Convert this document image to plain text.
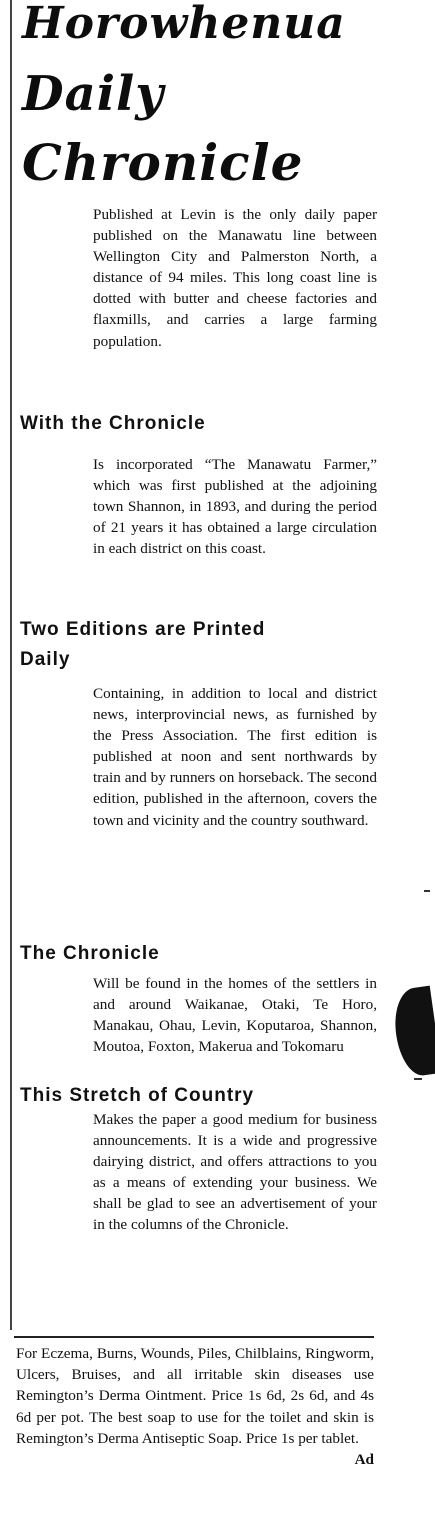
Horowhenua
Daily
Chronicle

Published at Levin is the only daily paper published on the Manawatu line between Wellington City and Palmerston North, a distance of 94 miles. This long coast line is dotted with butter and cheese factories and flaxmills, and carries a large farming population.

With the Chronicle

Is incorporated “The Manawatu Farmer,” which was first published at the adjoining town Shannon, in 1893, and during the period of 21 years it has obtained a large circulation in each district on this coast.

Two Editions are Printed
Daily

Containing, in addition to local and district news, interprovincial news, as furnished by the Press Association. The first edition is published at noon and sent northwards by train and by runners on horseback. The second edition, published in the afternoon, covers the town and vicinity and the country southward.

The Chronicle

Will be found in the homes of the settlers in and around Waikanae, Otaki, Te Horo, Manakau, Ohau, Levin, Koputaroa, Shannon, Moutoa, Foxton, Makerua and Tokomaru

This Stretch of Country

Makes the paper a good medium for business announcements. It is a wide and progressive dairying district, and offers attractions to you as a means of extending your business. We shall be glad to see an advertisement of your in the columns of the Chronicle.

For Eczema, Burns, Wounds, Piles, Chilblains, Ringworm, Ulcers, Bruises, and all irritable skin diseases use Remington’s Derma Ointment. Price 1s 6d, 2s 6d, and 4s 6d per pot. The best soap to use for the toilet and skin is Remington’s Derma Antiseptic Soap. Price 1s per tablet.
Ad
